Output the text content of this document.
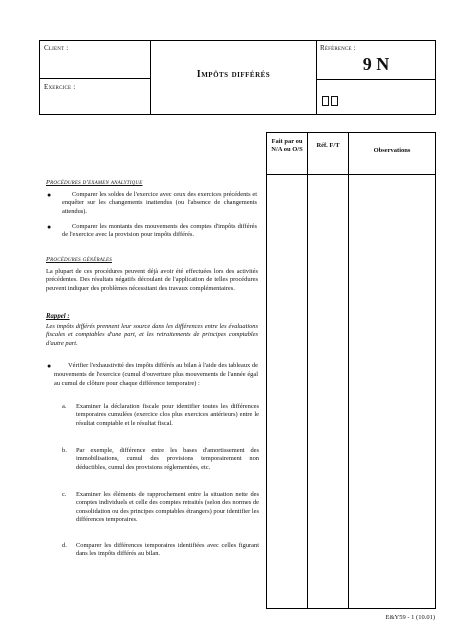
Client :
Exercice :
Impôts différés
Référence :
9 N
Fait par ou N/A ou O/S
Réf. F/T
Observations
Procédures d'examen analytique
●	Comparer les soldes de l'exercice avec ceux des exercices précédents et enquêter sur les changements inattendus (ou l'absence de changements attendus).
●	Comparer les montants des mouvements des comptes d'impôts différés de l'exercice avec la provision pour impôts différés.
Procédures générales
La plupart de ces procédures peuvent déjà avoir été effectuées lors des activités précédentes. Des résultats négatifs découlant de l'application de telles procédures peuvent indiquer des problèmes nécessitant des travaux complémentaires.
Rappel :
Les impôts différés prennent leur source dans les différences entre les évaluations fiscales et comptables d'une part, et les retraitements de principes comptables d'autre part.
●	Vérifier l'exhaustivité des impôts différés au bilan à l'aide des tableaux de mouvements de l'exercice (cumul d'ouverture plus mouvements de l'année égal au cumul de clôture pour chaque différence temporaire) :
a. Examiner la déclaration fiscale pour identifier toutes les différences temporaires cumulées (exercice clos plus exercices antérieurs) entre le résultat comptable et le résultat fiscal.
b. Par exemple, différence entre les bases d'amortissement des immobilisations, cumul des provisions temporairement non déductibles, cumul des provisions réglementées, etc.
c. Examiner les éléments de rapprochement entre la situation nette des comptes individuels et celle des comptes retraités (selon des normes de consolidation ou des principes comptables étrangers) pour identifier les différences temporaires.
d. Comparer les différences temporaires identifiées avec celles figurant dans les impôts différés au bilan.
E&Y59 - 1 (10.01)
